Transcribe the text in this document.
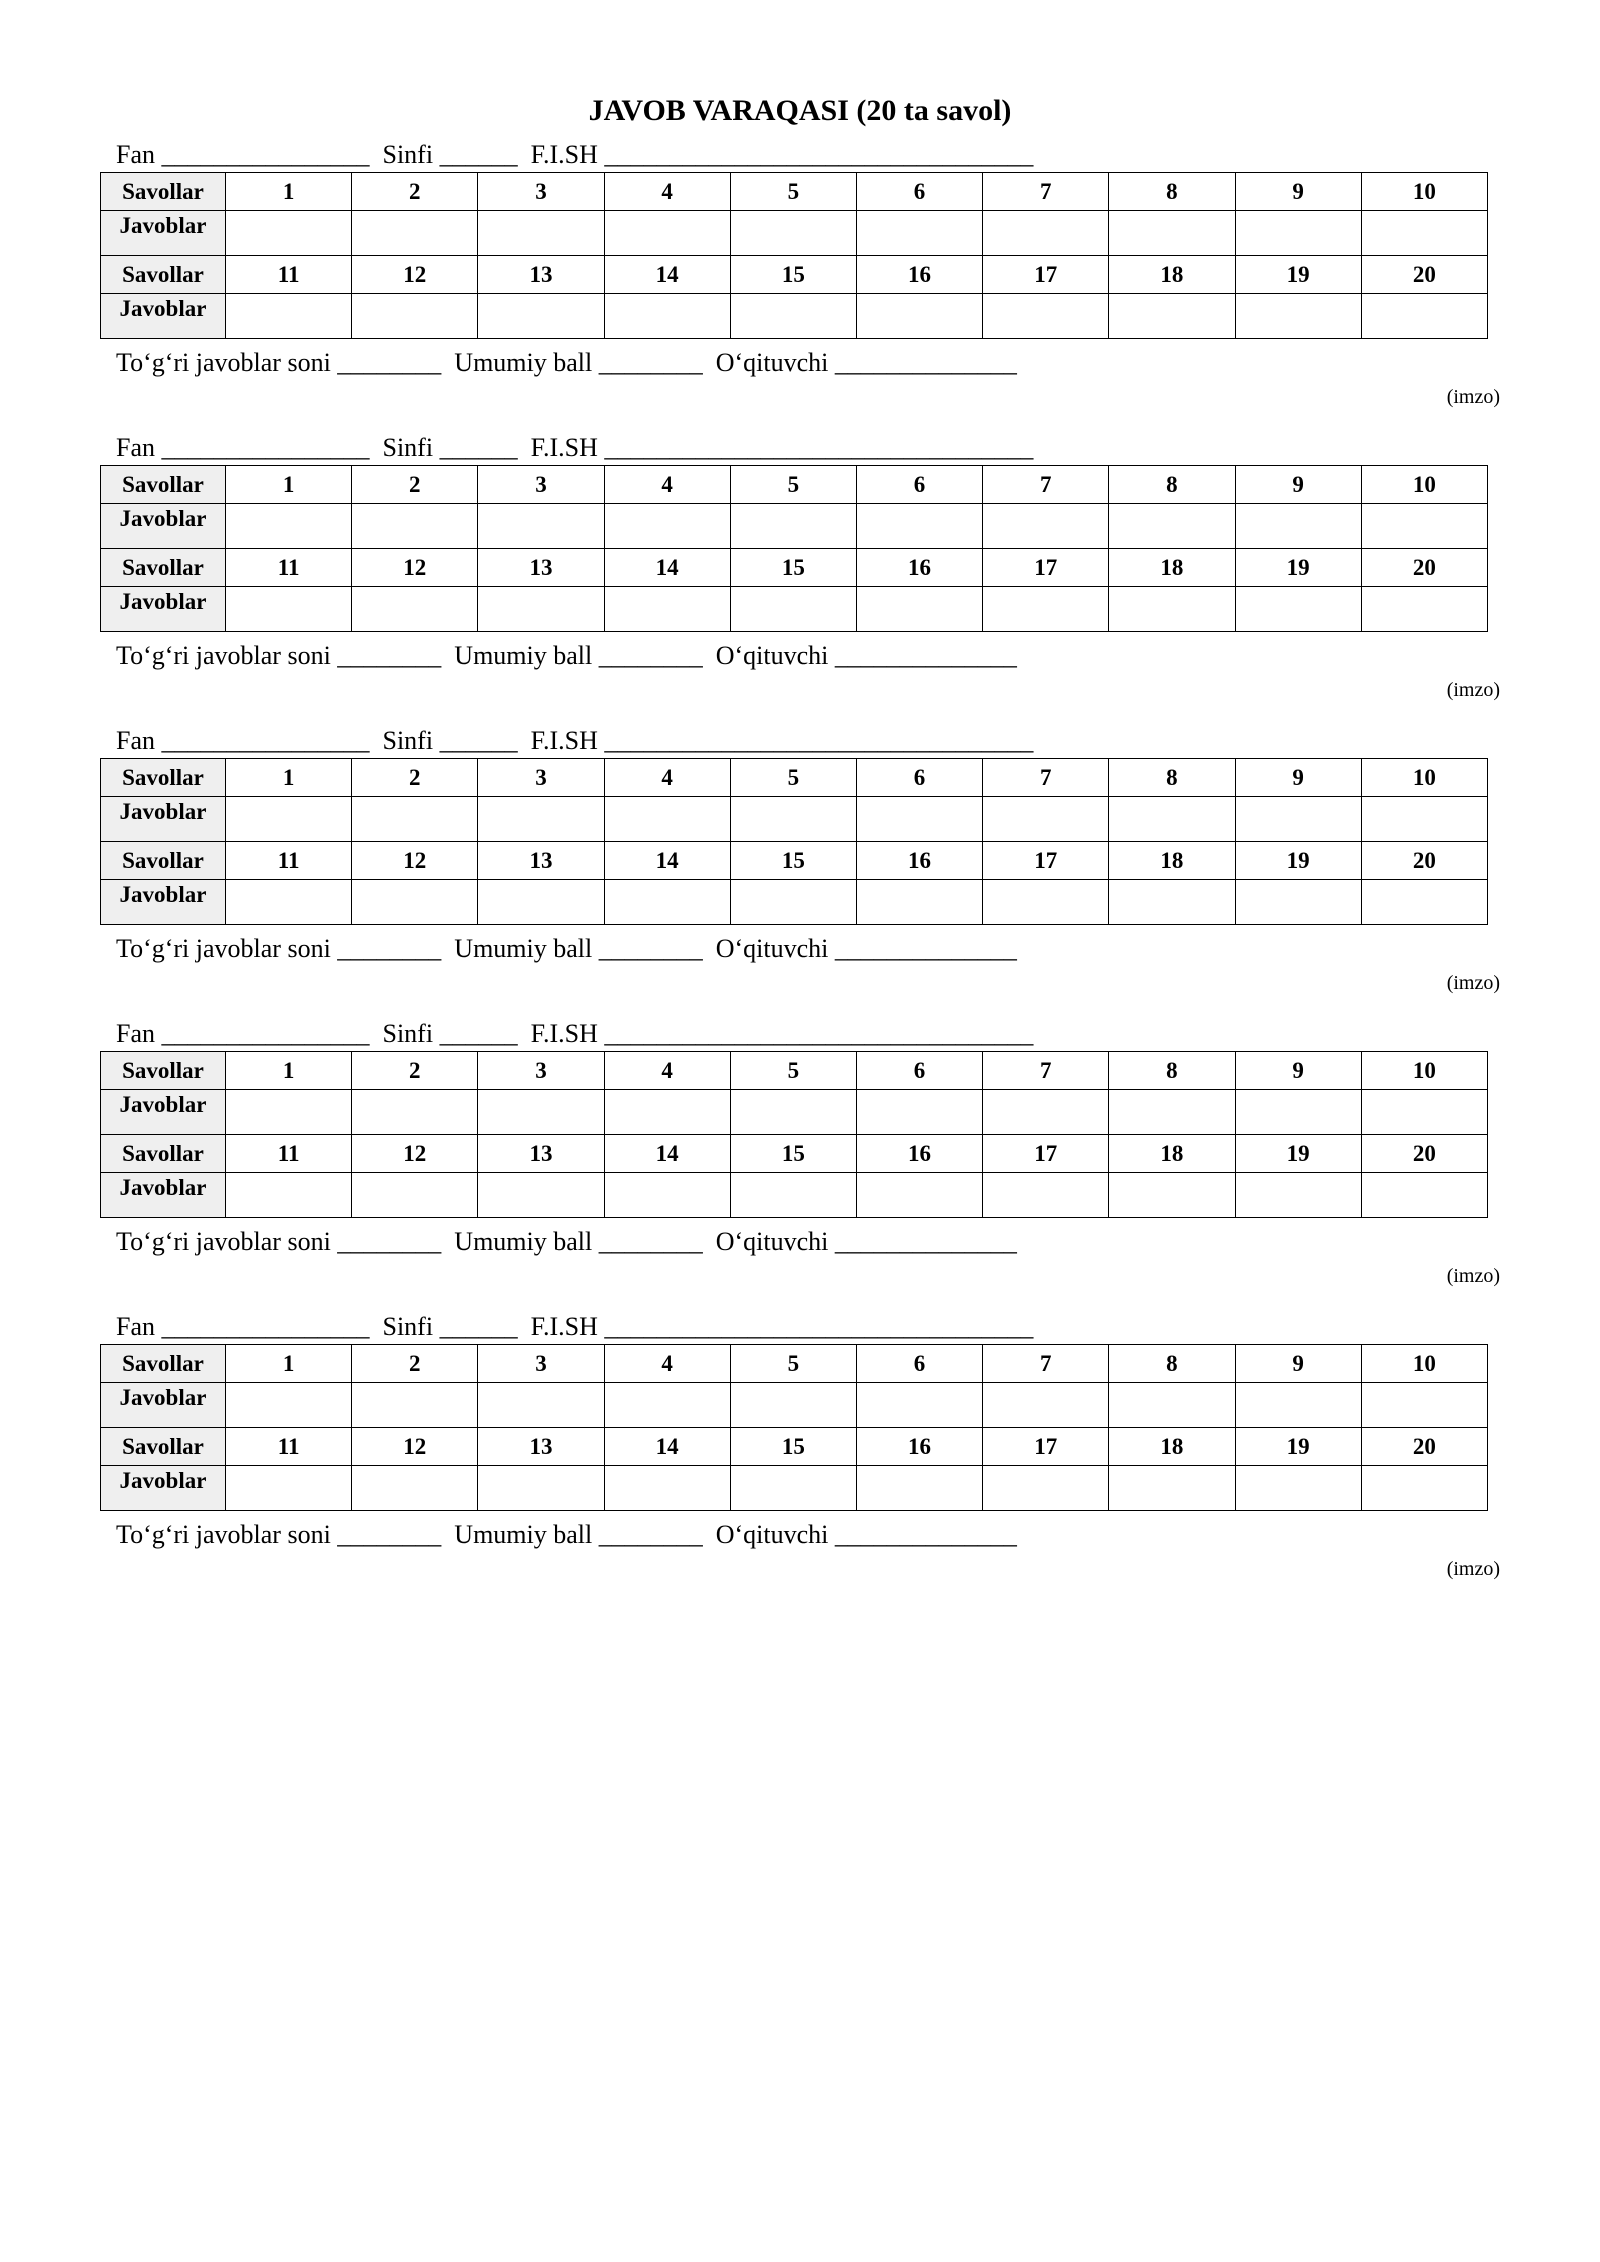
JAVOB VARAQASI (20 ta savol)
Fan ________________ Sinfi ______ F.I.SH _________________________________
Savollar	1	2	3	4	5	6	7	8	9	10
Javoblar										
Savollar	11	12	13	14	15	16	17	18	19	20
Javoblar										
To‘g‘ri javoblar soni ________ Umumiy ball ________ O‘qituvchi ______________
(imzo)
Fan ________________ Sinfi ______ F.I.SH _________________________________
Savollar	1	2	3	4	5	6	7	8	9	10
Javoblar										
Savollar	11	12	13	14	15	16	17	18	19	20
Javoblar										
To‘g‘ri javoblar soni ________ Umumiy ball ________ O‘qituvchi ______________
(imzo)
Fan ________________ Sinfi ______ F.I.SH _________________________________
Savollar	1	2	3	4	5	6	7	8	9	10
Javoblar										
Savollar	11	12	13	14	15	16	17	18	19	20
Javoblar										
To‘g‘ri javoblar soni ________ Umumiy ball ________ O‘qituvchi ______________
(imzo)
Fan ________________ Sinfi ______ F.I.SH _________________________________
Savollar	1	2	3	4	5	6	7	8	9	10
Javoblar										
Savollar	11	12	13	14	15	16	17	18	19	20
Javoblar										
To‘g‘ri javoblar soni ________ Umumiy ball ________ O‘qituvchi ______________
(imzo)
Fan ________________ Sinfi ______ F.I.SH _________________________________
Savollar	1	2	3	4	5	6	7	8	9	10
Javoblar										
Savollar	11	12	13	14	15	16	17	18	19	20
Javoblar										
To‘g‘ri javoblar soni ________ Umumiy ball ________ O‘qituvchi ______________
(imzo)
